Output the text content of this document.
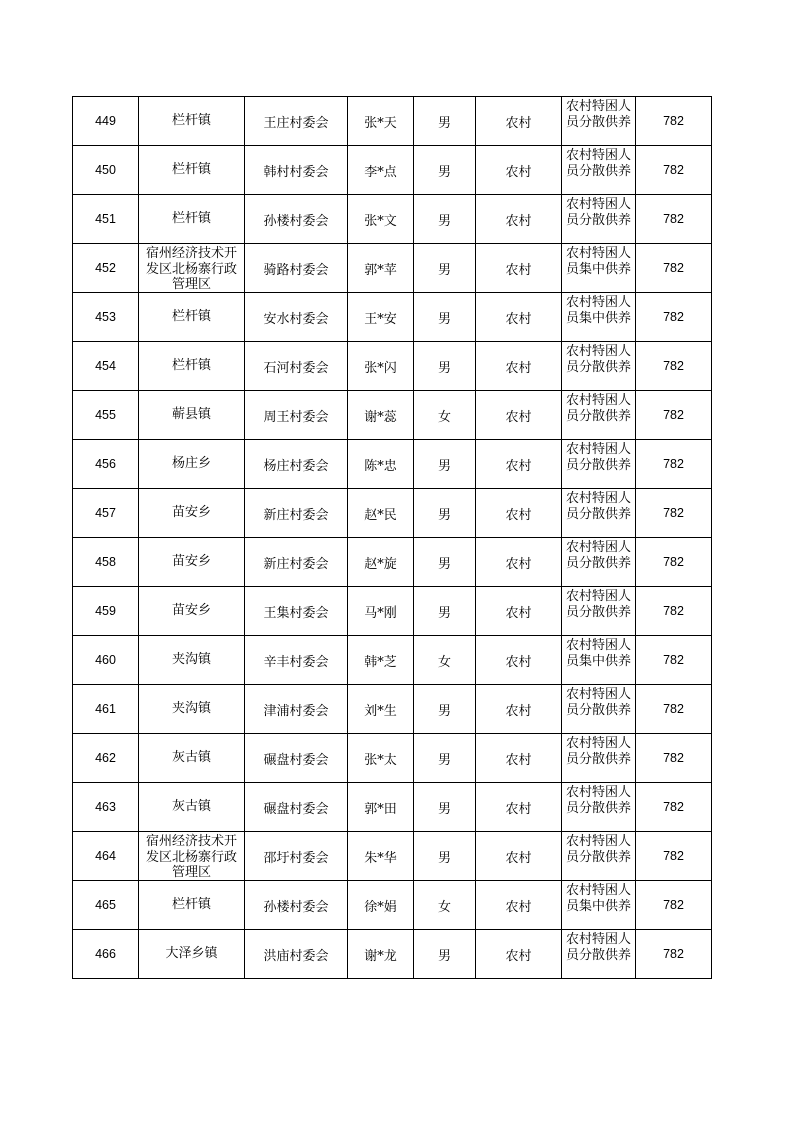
449	栏杆镇	王庄村委会	张*天	男	农村	农村特困人员分散供养	782
450	栏杆镇	韩村村委会	李*点	男	农村	农村特困人员分散供养	782
451	栏杆镇	孙楼村委会	张*文	男	农村	农村特困人员分散供养	782
452	宿州经济技术开发区北杨寨行政管理区	骑路村委会	郭*苹	男	农村	农村特困人员集中供养	782
453	栏杆镇	安水村委会	王*安	男	农村	农村特困人员集中供养	782
454	栏杆镇	石河村委会	张*闪	男	农村	农村特困人员分散供养	782
455	蕲县镇	周王村委会	谢*蕊	女	农村	农村特困人员分散供养	782
456	杨庄乡	杨庄村委会	陈*忠	男	农村	农村特困人员分散供养	782
457	苗安乡	新庄村委会	赵*民	男	农村	农村特困人员分散供养	782
458	苗安乡	新庄村委会	赵*旋	男	农村	农村特困人员分散供养	782
459	苗安乡	王集村委会	马*刚	男	农村	农村特困人员分散供养	782
460	夹沟镇	辛丰村委会	韩*芝	女	农村	农村特困人员集中供养	782
461	夹沟镇	津浦村委会	刘*生	男	农村	农村特困人员分散供养	782
462	灰古镇	碾盘村委会	张*太	男	农村	农村特困人员分散供养	782
463	灰古镇	碾盘村委会	郭*田	男	农村	农村特困人员分散供养	782
464	宿州经济技术开发区北杨寨行政管理区	邵圩村委会	朱*华	男	农村	农村特困人员分散供养	782
465	栏杆镇	孙楼村委会	徐*娟	女	农村	农村特困人员集中供养	782
466	大泽乡镇	洪庙村委会	谢*龙	男	农村	农村特困人员分散供养	782
